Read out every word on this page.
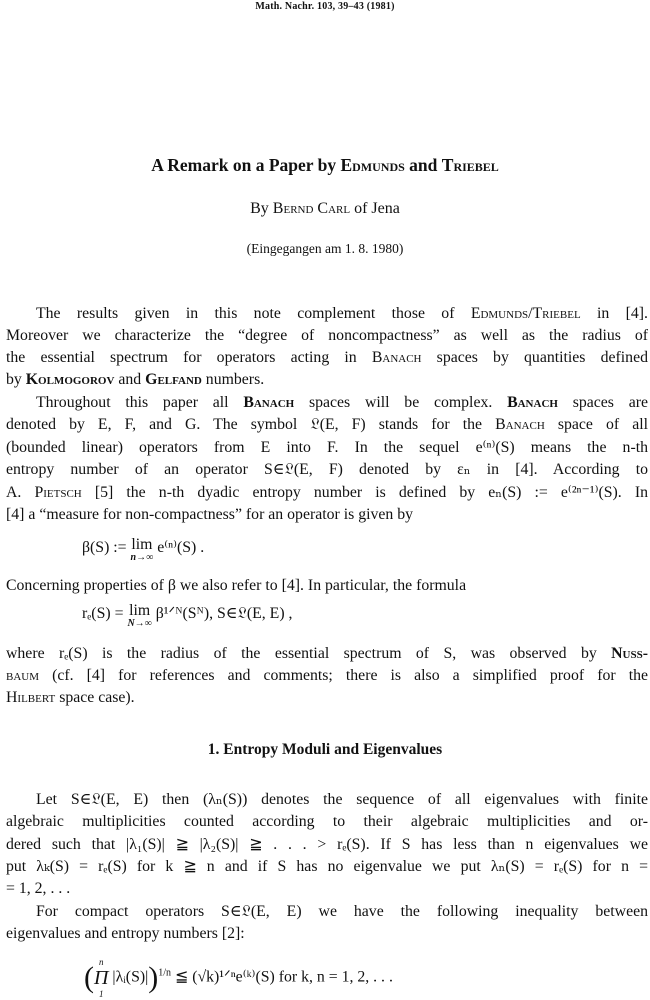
Math. Nachr. 103, 39–43 (1981)
A Remark on a Paper by Edmunds and Triebel
By Bernd Carl of Jena
(Eingegangen am 1. 8. 1980)
The results given in this note complement those of Edmunds/Triebel in [4].
Moreover we characterize the “degree of noncompactness” as well as the radius of
the essential spectrum for operators acting in Banach spaces by quantities defined
by Kolmogorov and Gelfand numbers.
Throughout this paper all Banach spaces will be complex. Banach spaces are
denoted by E, F, and G. The symbol 𝔏(E, F) stands for the Banach space of all
(bounded linear) operators from E into F. In the sequel e⁽ⁿ⁾(S) means the n-th
entropy number of an operator S∈𝔏(E, F) denoted by εₙ in [4]. According to
A. Pietsch [5] the n-th dyadic entropy number is defined by eₙ(S) := e⁽²ⁿ⁻¹⁾(S). In
[4] a “measure for non-compactness” for an operator is given by
β(S) := lim
n→∞
e⁽ⁿ⁾(S) .
Concerning properties of β we also refer to [4]. In particular, the formula
rₑ(S) = lim
N→∞
β¹ᐟᴺ(Sᴺ), S∈𝔏(E, E) ,
where rₑ(S) is the radius of the essential spectrum of S, was observed by Nuss-
baum (cf. [4] for references and comments; there is also a simplified proof for the
Hilbert space case).
1. Entropy Moduli and Eigenvalues
Let S∈𝔏(E, E) then (λₙ(S)) denotes the sequence of all eigenvalues with finite
algebraic multiplicities counted according to their algebraic multiplicities and or-
dered such that |λ₁(S)| ≧ |λ₂(S)| ≧ . . . > rₑ(S). If S has less than n eigenvalues we
put λₖ(S) = rₑ(S) for k ≧ n and if S has no eigenvalue we put λₙ(S) = rₑ(S) for n =
= 1, 2, . . .
For compact operators S∈𝔏(E, E) we have the following inequality between
eigenvalues and entropy numbers [2]:
( n
Π
1
|λᵢ(S)|)$^{1/n}$ ≦ (√k)¹ᐟⁿe⁽ᵏ⁾(S) for k, n = 1, 2, . . .
